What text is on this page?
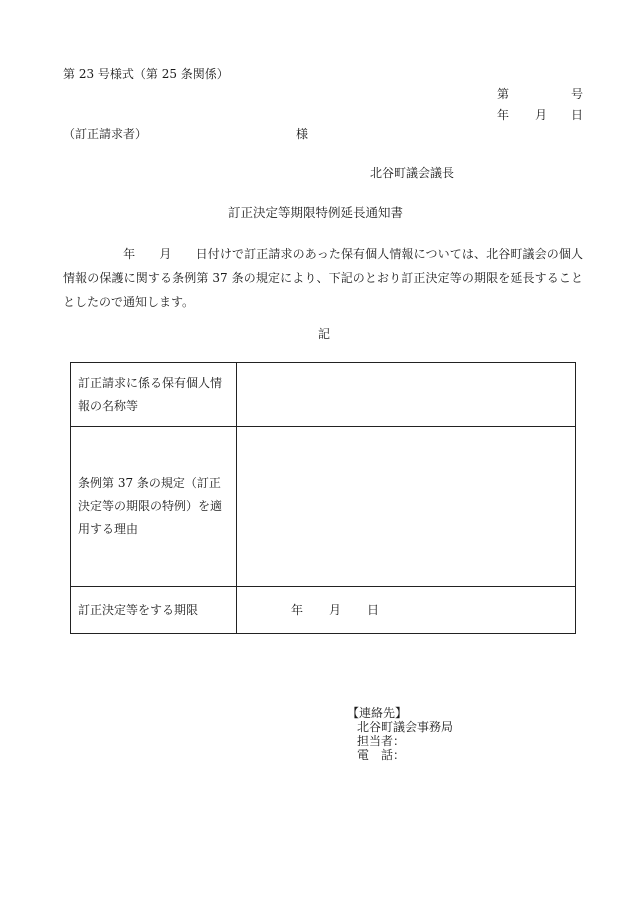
第 23 号様式（第 25 条関係）
第	号
年 月 日
（訂正請求者）	様
北谷町議会議長
訂正決定等期限特例延長通知書
年 月 日付けで訂正請求のあった保有個人情報については、北谷町議会の個人情報の保護に関する条例第 37 条の規定により、下記のとおり訂正決定等の期限を延長することとしたので通知します。
記
訂正請求に係る保有個人情報の名称等	
条例第 37 条の規定（訂正決定等の期限の特例）を適用する理由	
訂正決定等をする期限	年 月 日
【連絡先】
北谷町議会事務局
担当者：
電　話：
